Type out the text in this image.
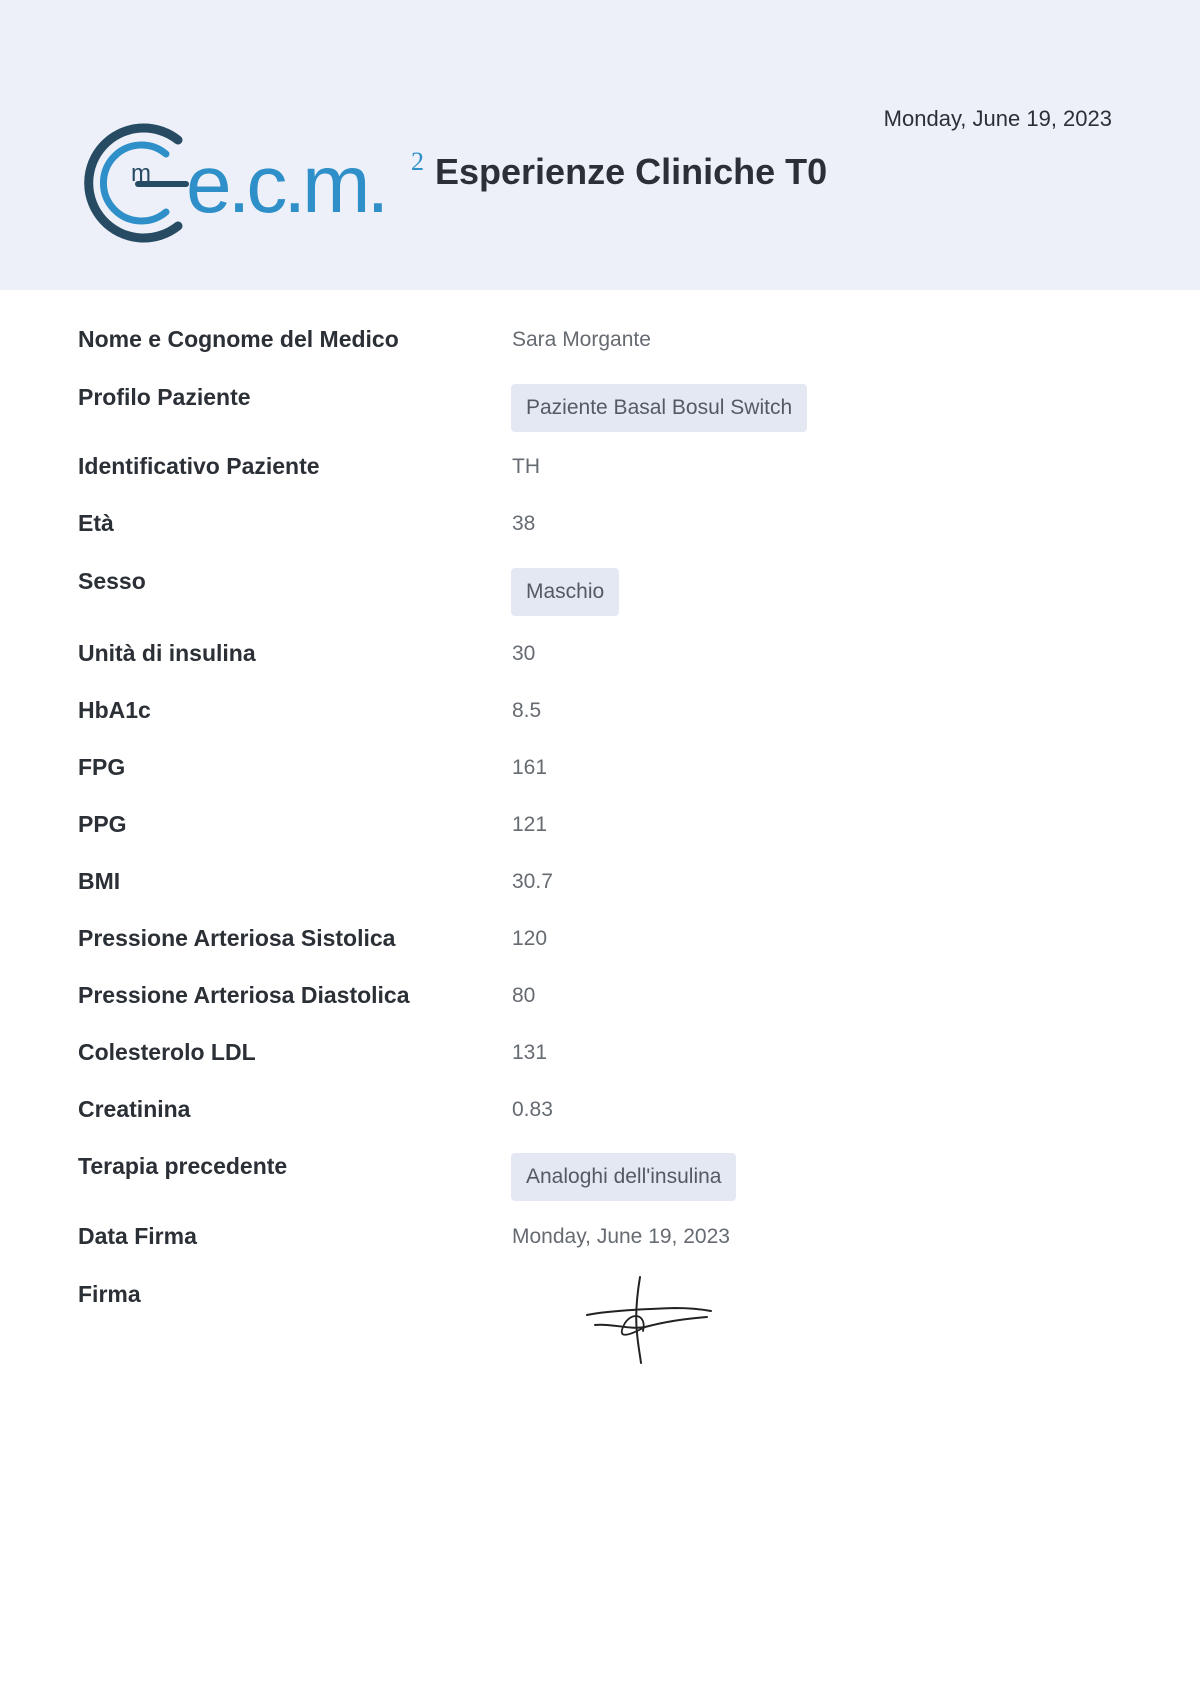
m e.c.m. 2 Esperienze Cliniche T0
Monday, June 19, 2023
Nome e Cognome del Medico	Sara Morgante
Profilo Paziente	Paziente Basal Bosul Switch
Identificativo Paziente	TH
Età	38
Sesso	Maschio
Unità di insulina	30
HbA1c	8.5
FPG	161
PPG	121
BMI	30.7
Pressione Arteriosa Sistolica	120
Pressione Arteriosa Diastolica	80
Colesterolo LDL	131
Creatinina	0.83
Terapia precedente	Analoghi dell'insulina
Data Firma	Monday, June 19, 2023
Firma
